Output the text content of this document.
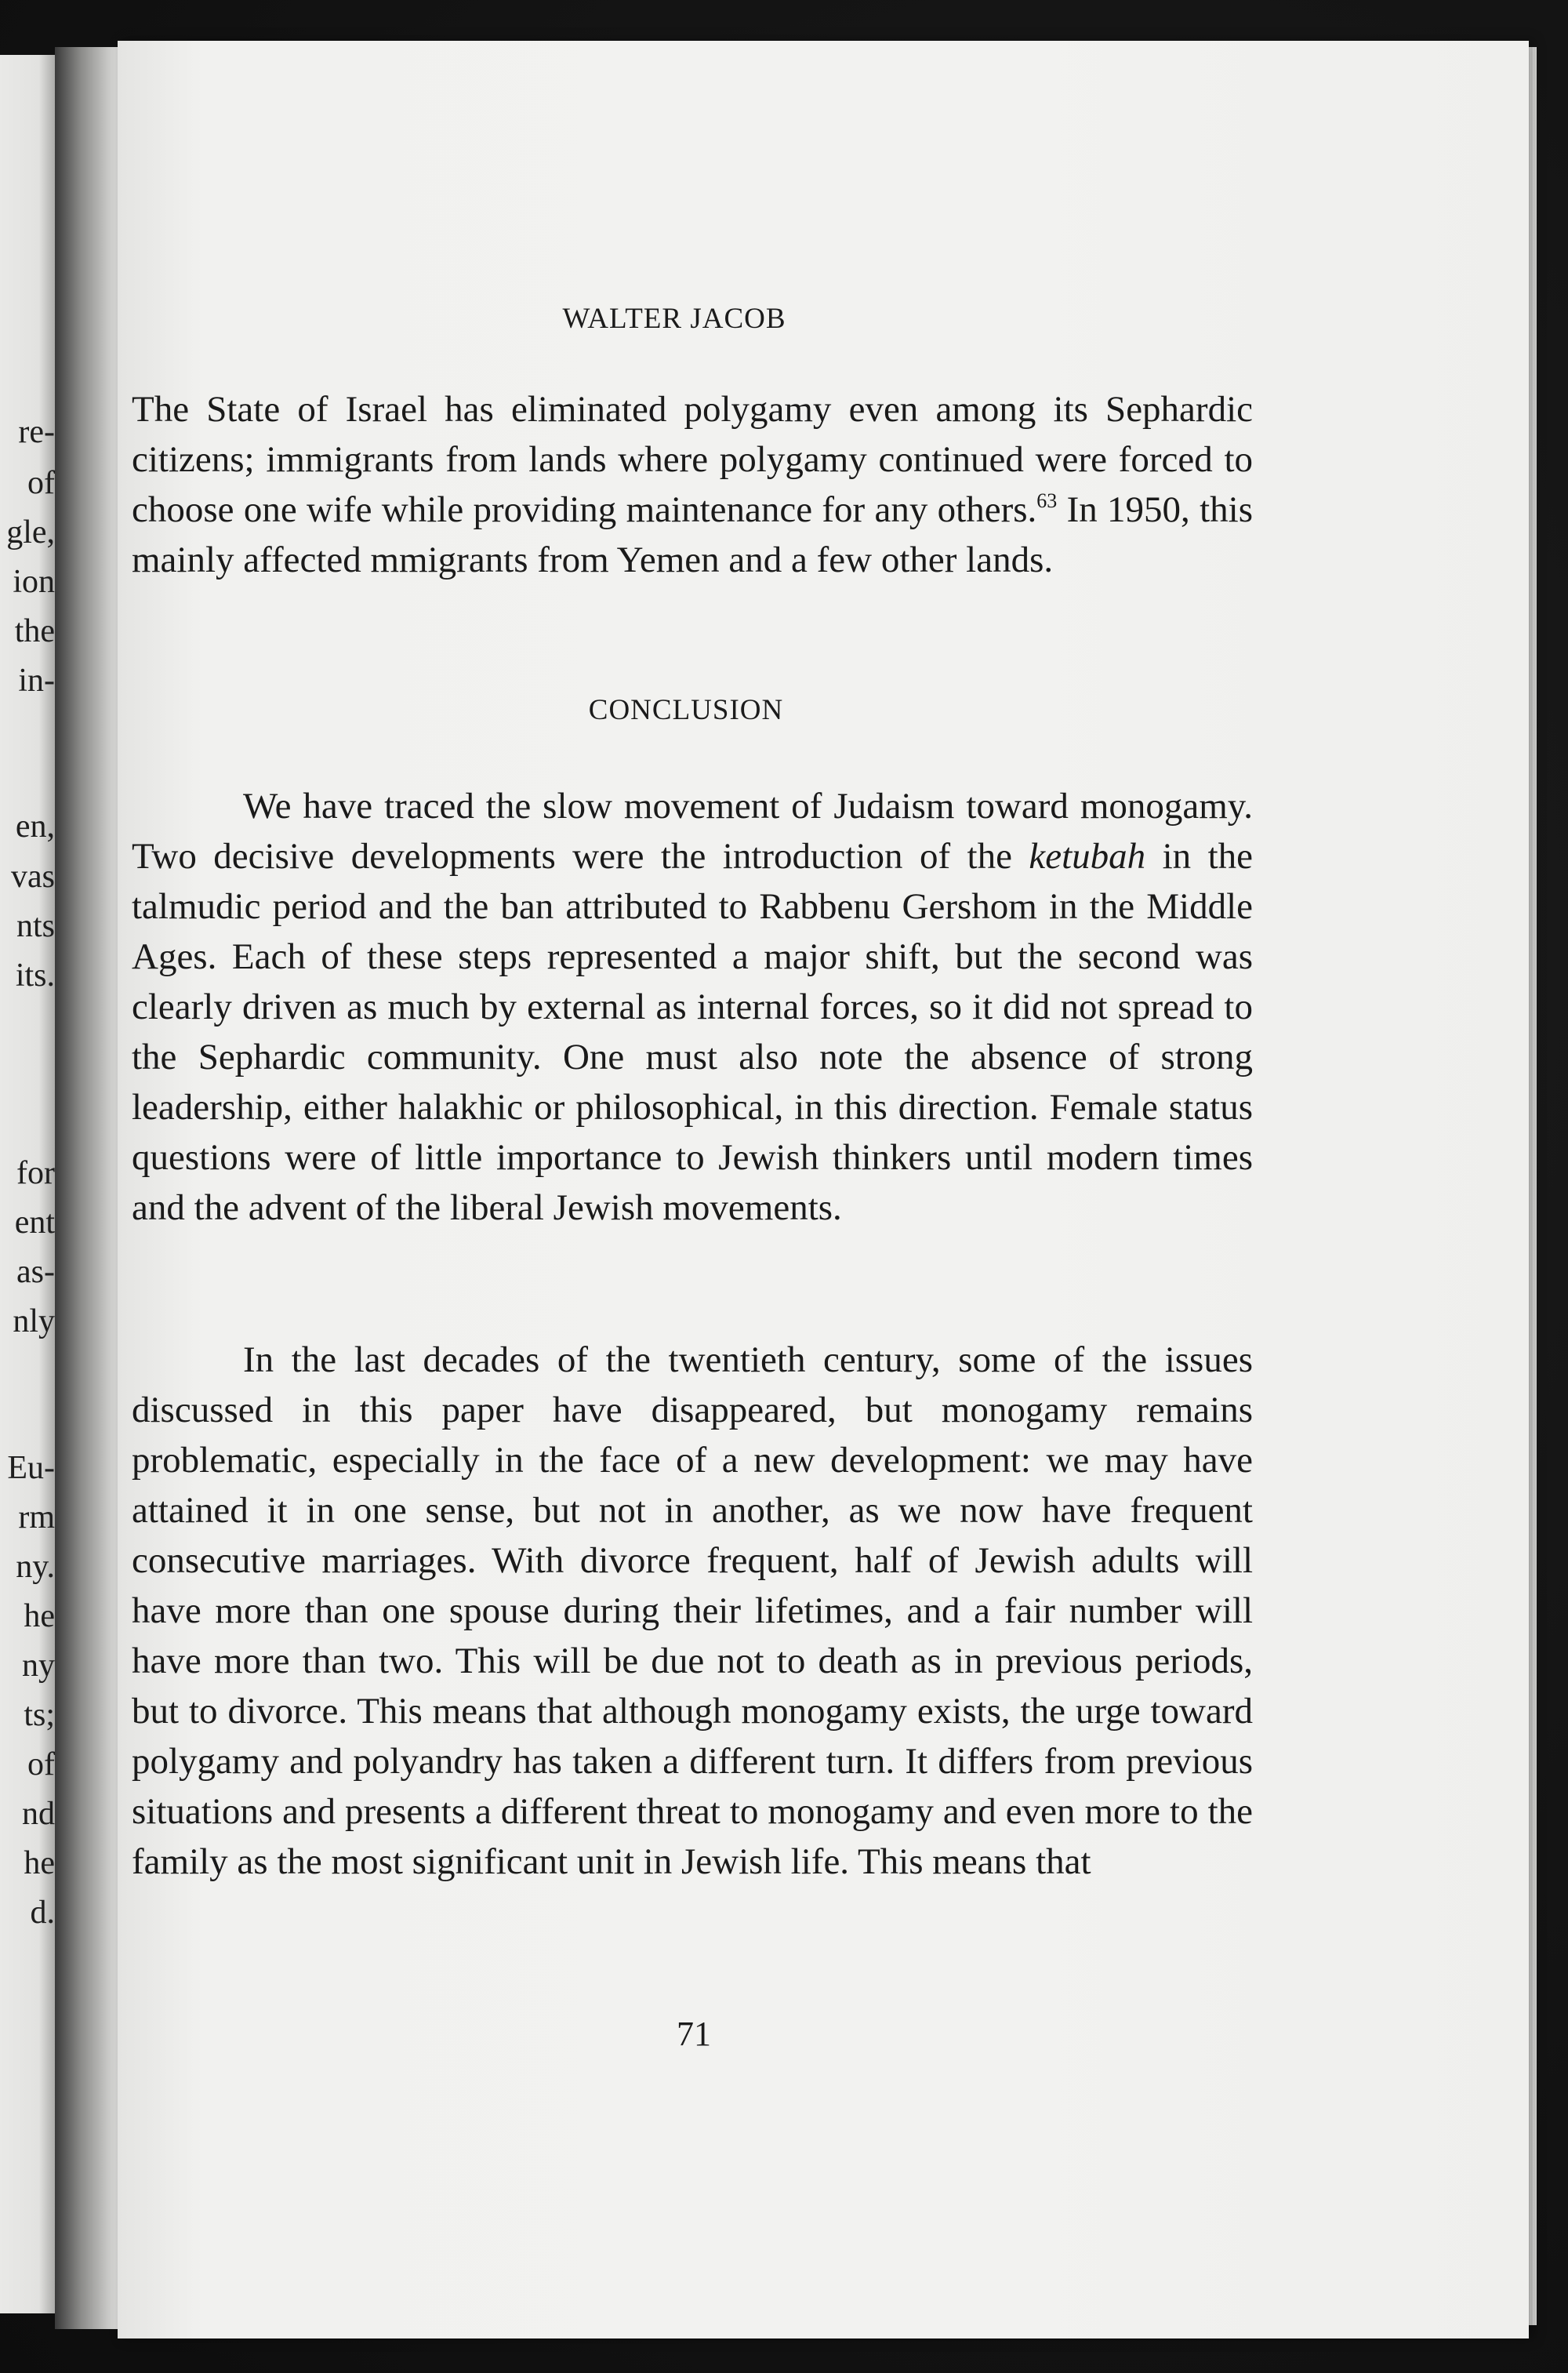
re-
of
gle,
ion
the
in-
en,
vas
nts
its.
for
ent
as-
nly
Eu-
rm
ny.
he
ny
ts;
of
nd
he
d.
WALTER JACOB

The State of Israel has eliminated polygamy even among its Sephardic citizens; immigrants from lands where polygamy continued were forced to choose one wife while providing maintenance for any others.$^{63}$ In 1950, this mainly affected mmigrants from Yemen and a few other lands.

CONCLUSION

We have traced the slow movement of Judaism toward monogamy. Two decisive developments were the introduction of the ketubah in the talmudic period and the ban attributed to Rabbenu Gershom in the Middle Ages. Each of these steps represented a major shift, but the second was clearly driven as much by external as internal forces, so it did not spread to the Sephardic community. One must also note the absence of strong leadership, either halakhic or philosophical, in this direction. Female status questions were of little importance to Jewish thinkers until modern times and the advent of the liberal Jewish movements.

In the last decades of the twentieth century, some of the issues discussed in this paper have disappeared, but monogamy remains problematic, especially in the face of a new development: we may have attained it in one sense, but not in another, as we now have frequent consecutive marriages. With divorce frequent, half of Jewish adults will have more than one spouse during their lifetimes, and a fair number will have more than two. This will be due not to death as in previous periods, but to divorce. This means that although monogamy exists, the urge toward polygamy and polyandry has taken a different turn. It differs from previous situations and presents a different threat to monogamy and even more to the family as the most significant unit in Jewish life. This means that

71
